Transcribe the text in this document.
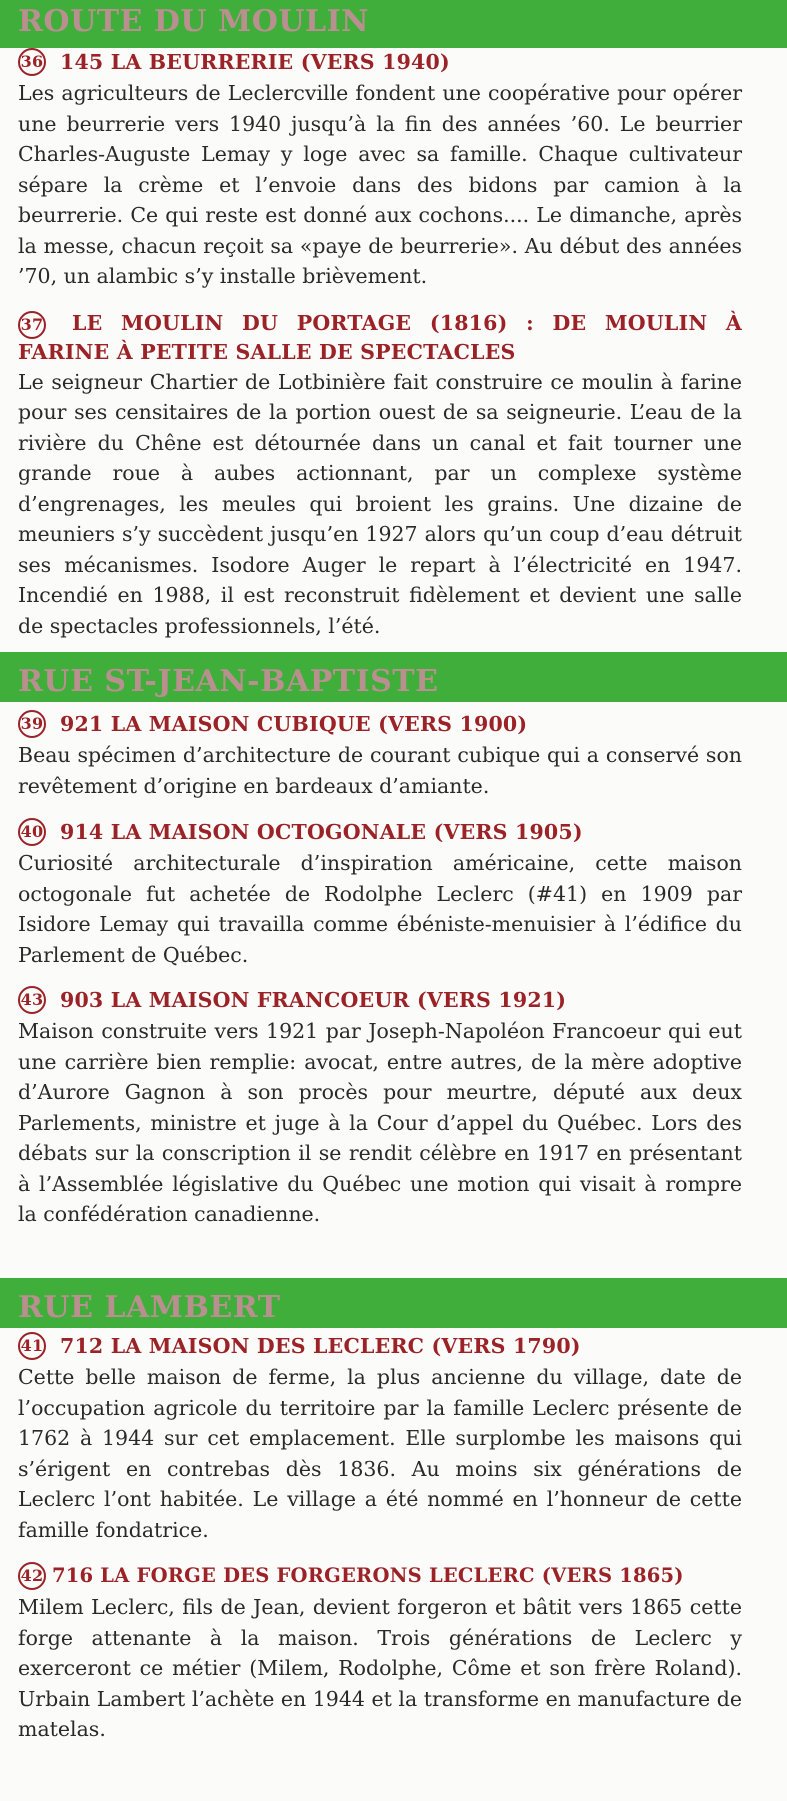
ROUTE DU MOULIN
36 145 LA BEURRERIE (VERS 1940)
Les agriculteurs de Leclercville fondent une coopérative pour opérer une beurrerie vers 1940 jusqu’à la fin des années ’60. Le beurrier Charles-Auguste Lemay y loge avec sa famille. Chaque cultivateur sépare la crème et l’envoie dans des bidons par camion à la beurrerie. Ce qui reste est donné aux cochons.... Le dimanche, après la messe, chacun reçoit sa «paye de beurrerie». Au début des années ’70, un alambic s’y installe brièvement.
37 LE MOULIN DU PORTAGE (1816) : DE MOULIN À FARINE À PETITE SALLE DE SPECTACLES
Le seigneur Chartier de Lotbinière fait construire ce moulin à farine pour ses censitaires de la portion ouest de sa seigneurie. L’eau de la rivière du Chêne est détournée dans un canal et fait tourner une grande roue à aubes actionnant, par un complexe système d’engrenages, les meules qui broient les grains. Une dizaine de meuniers s’y succèdent jusqu’en 1927 alors qu’un coup d’eau détruit ses mécanismes. Isodore Auger le repart à l’électricité en 1947. Incendié en 1988, il est reconstruit fidèlement et devient une salle de spectacles professionnels, l’été.
RUE ST-JEAN-BAPTISTE
39 921 LA MAISON CUBIQUE (VERS 1900)
Beau spécimen d’architecture de courant cubique qui a conservé son revêtement d’origine en bardeaux d’amiante.
40 914 LA MAISON OCTOGONALE (VERS 1905)
Curiosité architecturale d’inspiration américaine, cette maison octogonale fut achetée de Rodolphe Leclerc (#41) en 1909 par Isidore Lemay qui travailla comme ébéniste-menuisier à l’édifice du Parlement de Québec.
43 903 LA MAISON FRANCOEUR (VERS 1921)
Maison construite vers 1921 par Joseph-Napoléon Francoeur qui eut une carrière bien remplie: avocat, entre autres, de la mère adoptive d’Aurore Gagnon à son procès pour meurtre, député aux deux Parlements, ministre et juge à la Cour d’appel du Québec. Lors des débats sur la conscription il se rendit célèbre en 1917 en présentant à l’Assemblée législative du Québec une motion qui visait à rompre la confédération canadienne.
RUE LAMBERT
41 712 LA MAISON DES LECLERC (VERS 1790)
Cette belle maison de ferme, la plus ancienne du village, date de l’occupation agricole du territoire par la famille Leclerc présente de 1762 à 1944 sur cet emplacement. Elle surplombe les maisons qui s’érigent en contrebas dès 1836. Au moins six générations de Leclerc l’ont habitée. Le village a été nommé en l’honneur de cette famille fondatrice.
42 716 LA FORGE DES FORGERONS LECLERC (VERS 1865)
Milem Leclerc, fils de Jean, devient forgeron et bâtit vers 1865 cette forge attenante à la maison. Trois générations de Leclerc y exerceront ce métier (Milem, Rodolphe, Côme et son frère Roland). Urbain Lambert l’achète en 1944 et la transforme en manufacture de matelas.
